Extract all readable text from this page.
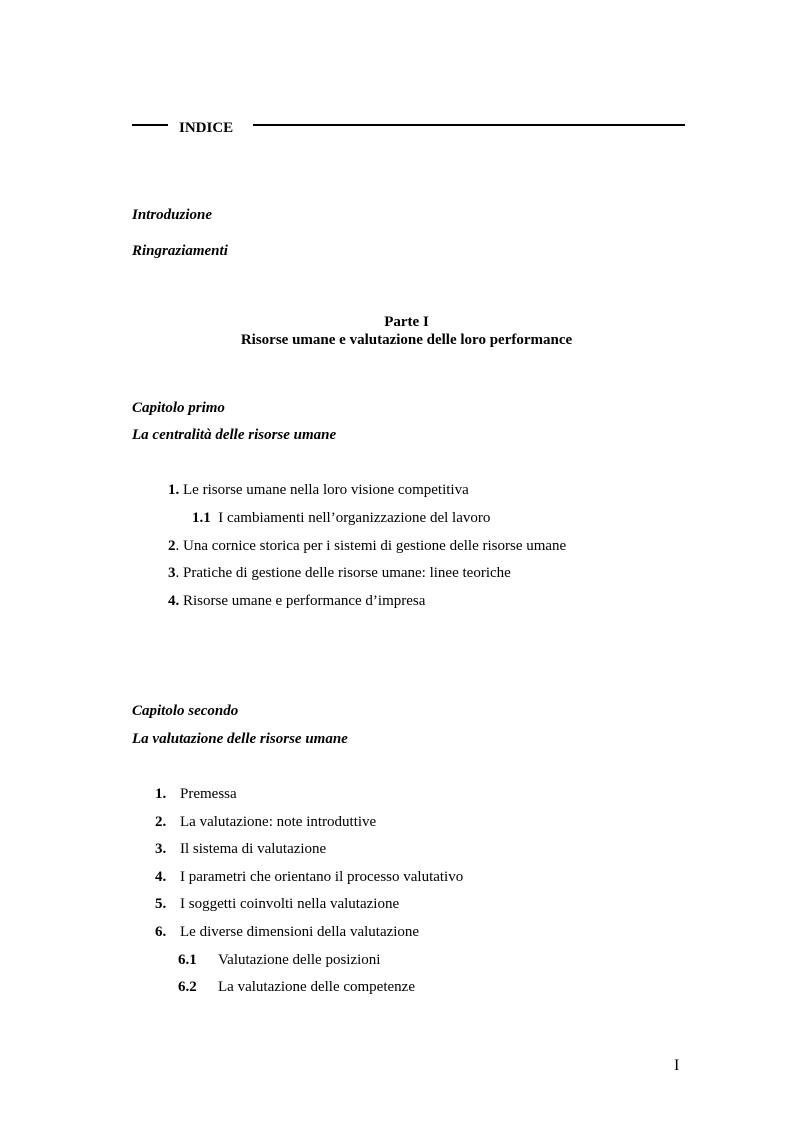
INDICE
Introduzione
Ringraziamenti
Parte I
Risorse umane e valutazione delle loro performance
Capitolo primo
La centralità delle risorse umane
1. Le risorse umane nella loro visione competitiva
1.1  I cambiamenti nell’organizzazione del lavoro
2. Una cornice storica per i sistemi di gestione delle risorse umane
3. Pratiche di gestione delle risorse umane: linee teoriche
4. Risorse umane e performance d’impresa
Capitolo secondo
La valutazione delle risorse umane
1. Premessa
2. La valutazione: note introduttive
3. Il sistema di valutazione
4. I parametri che orientano il processo valutativo
5. I soggetti coinvolti nella valutazione
6. Le diverse dimensioni della valutazione
6.1 Valutazione delle posizioni
6.2 La valutazione delle competenze
I
